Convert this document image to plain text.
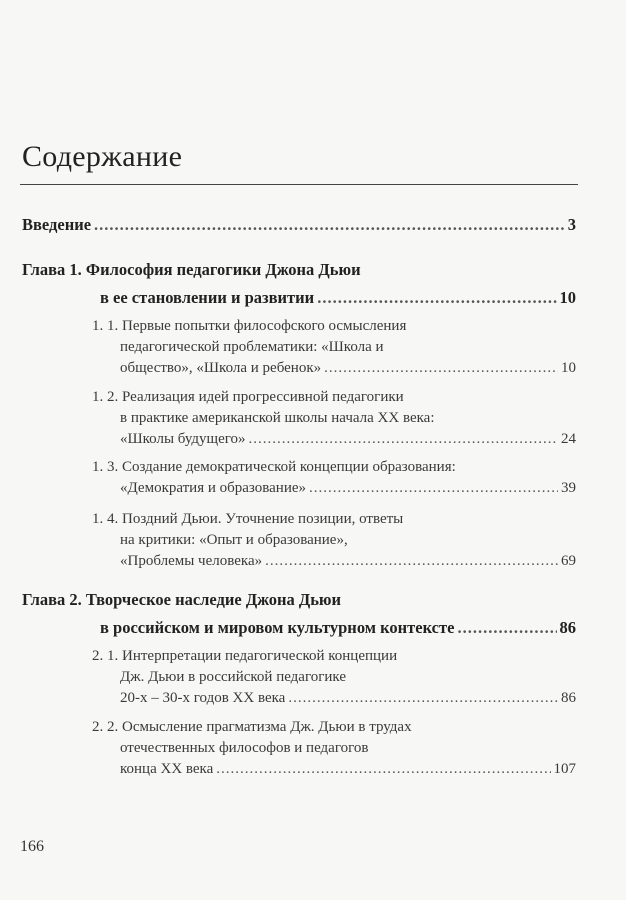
Содержание
Введение .....	3
Глава 1. Философия педагогики Джона Дьюи
в ее становлении и развитии .....	10
1. 1. Первые попытки философского осмысления
педагогической проблематики: «Школа и
общество», «Школа и ребенок» .....	10
1. 2. Реализация идей прогрессивной педагогики
в практике американской школы начала XX века:
«Школы будущего» .....	24
1. 3. Создание демократической концепции образования:
«Демократия и образование» .....	39
1. 4. Поздний Дьюи. Уточнение позиции, ответы
на критики: «Опыт и образование»,
«Проблемы человека» .....	69
Глава 2. Творческое наследие Джона Дьюи
в российском и мировом культурном контексте .....	86
2. 1. Интерпретации педагогической концепции
Дж. Дьюи в российской педагогике
20-х – 30-х годов XX века .....	86
2. 2. Осмысление прагматизма Дж. Дьюи в трудах
отечественных философов и педагогов
конца XX века .....	107
166
